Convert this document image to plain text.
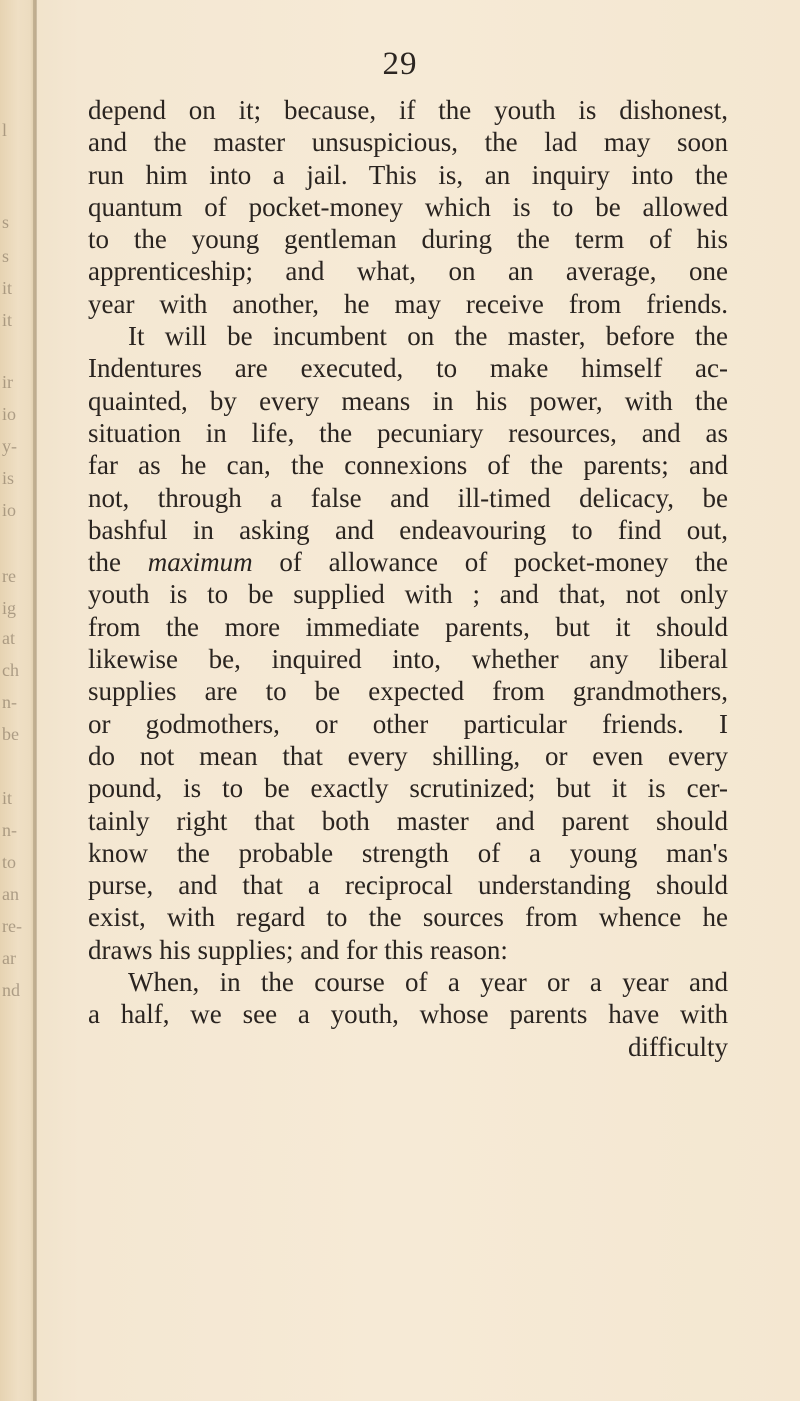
l
s
s
it
it
ir
io
y-
is
io
re
ig
at
ch
n-
be
it
n-
to
an
re-
ar
nd
29
depend on it; because, if the youth is dishonest,
and the master unsuspicious, the lad may soon
run him into a jail. This is, an inquiry into the
quantum of pocket-money which is to be allowed
to the young gentleman during the term of his
apprenticeship; and what, on an average, one
year with another, he may receive from friends.
It will be incumbent on the master, before the
Indentures are executed, to make himself ac-
quainted, by every means in his power, with the
situation in life, the pecuniary resources, and as
far as he can, the connexions of the parents; and
not, through a false and ill-timed delicacy, be
bashful in asking and endeavouring to find out,
the maximum of allowance of pocket-money the
youth is to be supplied with ; and that, not only
from the more immediate parents, but it should
likewise be, inquired into, whether any liberal
supplies are to be expected from grandmothers,
or godmothers, or other particular friends. I
do not mean that every shilling, or even every
pound, is to be exactly scrutinized; but it is cer-
tainly right that both master and parent should
know the probable strength of a young man's
purse, and that a reciprocal understanding should
exist, with regard to the sources from whence he
draws his supplies; and for this reason:
When, in the course of a year or a year and
a half, we see a youth, whose parents have with
difficulty
